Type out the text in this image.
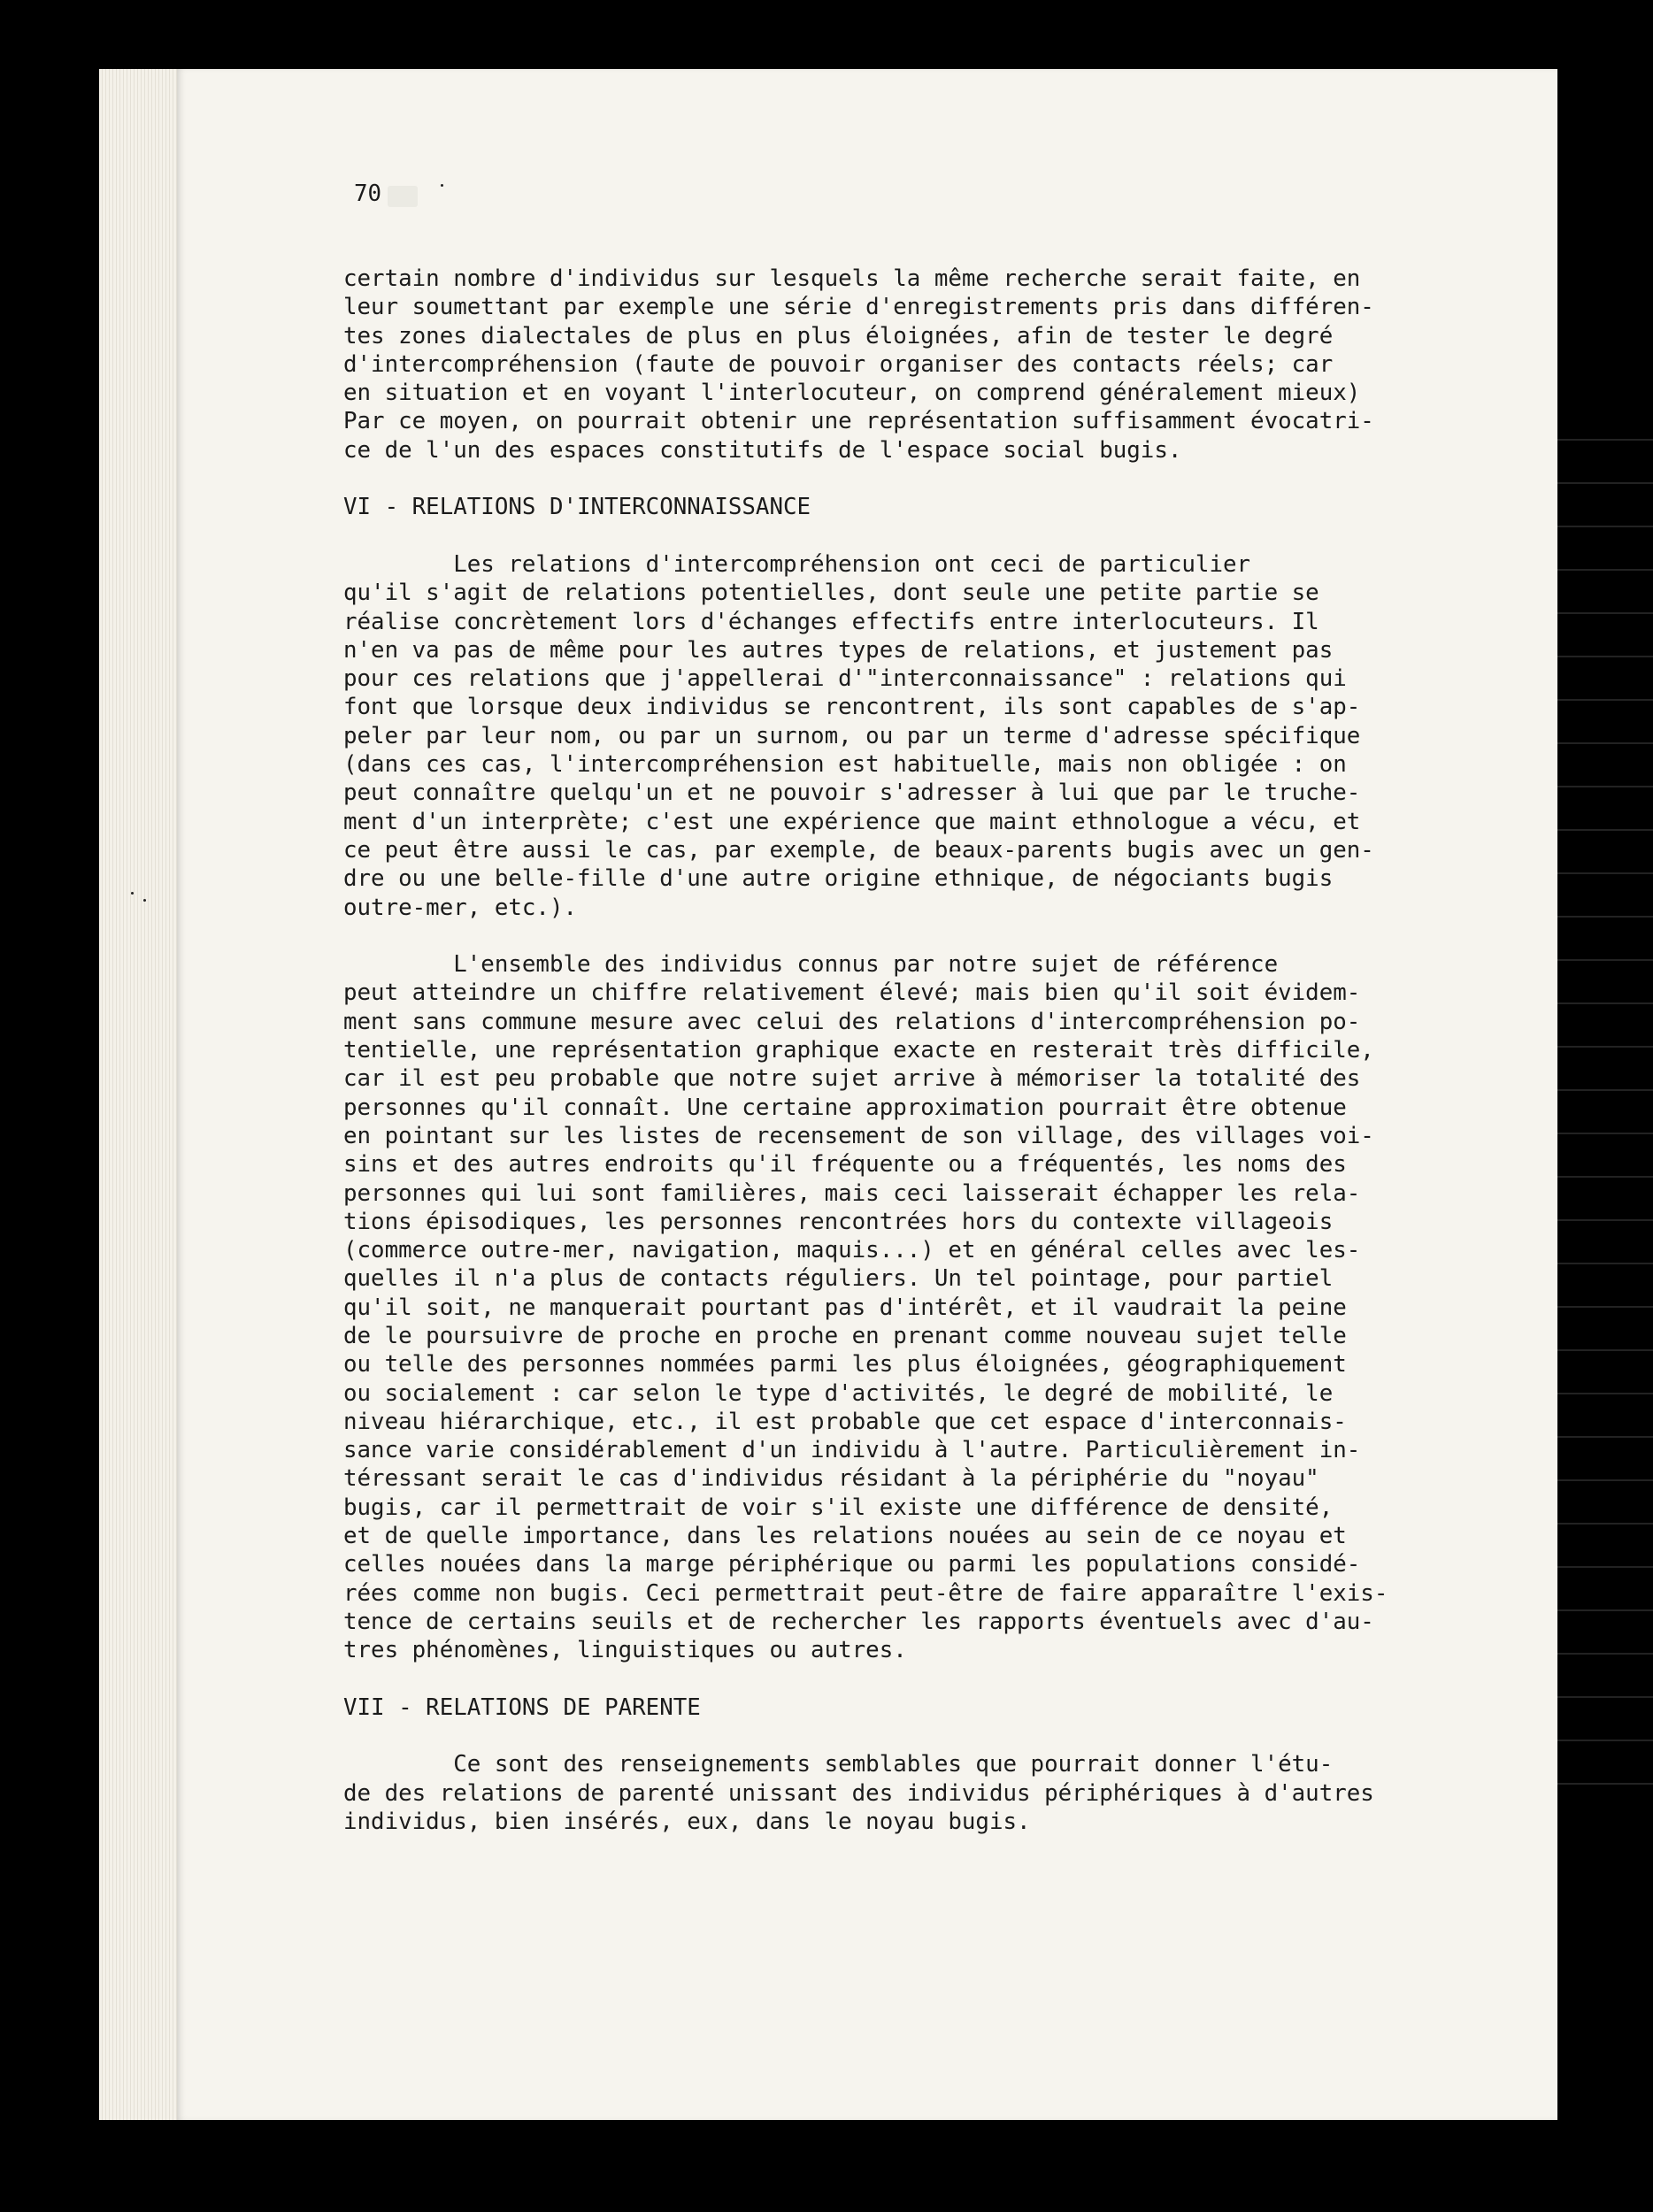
70
certain nombre d'individus sur lesquels la même recherche serait faite, en
leur soumettant par exemple une série d'enregistrements pris dans différen-
tes zones dialectales de plus en plus éloignées, afin de tester le degré
d'intercompréhension (faute de pouvoir organiser des contacts réels; car
en situation et en voyant l'interlocuteur, on comprend généralement mieux)
Par ce moyen, on pourrait obtenir une représentation suffisamment évocatri-
ce de l'un des espaces constitutifs de l'espace social bugis.
VI - RELATIONS D'INTERCONNAISSANCE
Les relations d'intercompréhension ont ceci de particulier
qu'il s'agit de relations potentielles, dont seule une petite partie se
réalise concrètement lors d'échanges effectifs entre interlocuteurs. Il
n'en va pas de même pour les autres types de relations, et justement pas
pour ces relations que j'appellerai d'"interconnaissance" : relations qui
font que lorsque deux individus se rencontrent, ils sont capables de s'ap-
peler par leur nom, ou par un surnom, ou par un terme d'adresse spécifique
(dans ces cas, l'intercompréhension est habituelle, mais non obligée : on
peut connaître quelqu'un et ne pouvoir s'adresser à lui que par le truche-
ment d'un interprète; c'est une expérience que maint ethnologue a vécu, et
ce peut être aussi le cas, par exemple, de beaux-parents bugis avec un gen-
dre ou une belle-fille d'une autre origine ethnique, de négociants bugis
outre-mer, etc.).
L'ensemble des individus connus par notre sujet de référence
peut atteindre un chiffre relativement élevé; mais bien qu'il soit évidem-
ment sans commune mesure avec celui des relations d'intercompréhension po-
tentielle, une représentation graphique exacte en resterait très difficile,
car il est peu probable que notre sujet arrive à mémoriser la totalité des
personnes qu'il connaît. Une certaine approximation pourrait être obtenue
en pointant sur les listes de recensement de son village, des villages voi-
sins et des autres endroits qu'il fréquente ou a fréquentés, les noms des
personnes qui lui sont familières, mais ceci laisserait échapper les rela-
tions épisodiques, les personnes rencontrées hors du contexte villageois
(commerce outre-mer, navigation, maquis...) et en général celles avec les-
quelles il n'a plus de contacts réguliers. Un tel pointage, pour partiel
qu'il soit, ne manquerait pourtant pas d'intérêt, et il vaudrait la peine
de le poursuivre de proche en proche en prenant comme nouveau sujet telle
ou telle des personnes nommées parmi les plus éloignées, géographiquement
ou socialement : car selon le type d'activités, le degré de mobilité, le
niveau hiérarchique, etc., il est probable que cet espace d'interconnais-
sance varie considérablement d'un individu à l'autre. Particulièrement in-
téressant serait le cas d'individus résidant à la périphérie du "noyau"
bugis, car il permettrait de voir s'il existe une différence de densité,
et de quelle importance, dans les relations nouées au sein de ce noyau et
celles nouées dans la marge périphérique ou parmi les populations considé-
rées comme non bugis. Ceci permettrait peut-être de faire apparaître l'exis-
tence de certains seuils et de rechercher les rapports éventuels avec d'au-
tres phénomènes, linguistiques ou autres.
VII - RELATIONS DE PARENTE
Ce sont des renseignements semblables que pourrait donner l'étu-
de des relations de parenté unissant des individus périphériques à d'autres
individus, bien insérés, eux, dans le noyau bugis.
